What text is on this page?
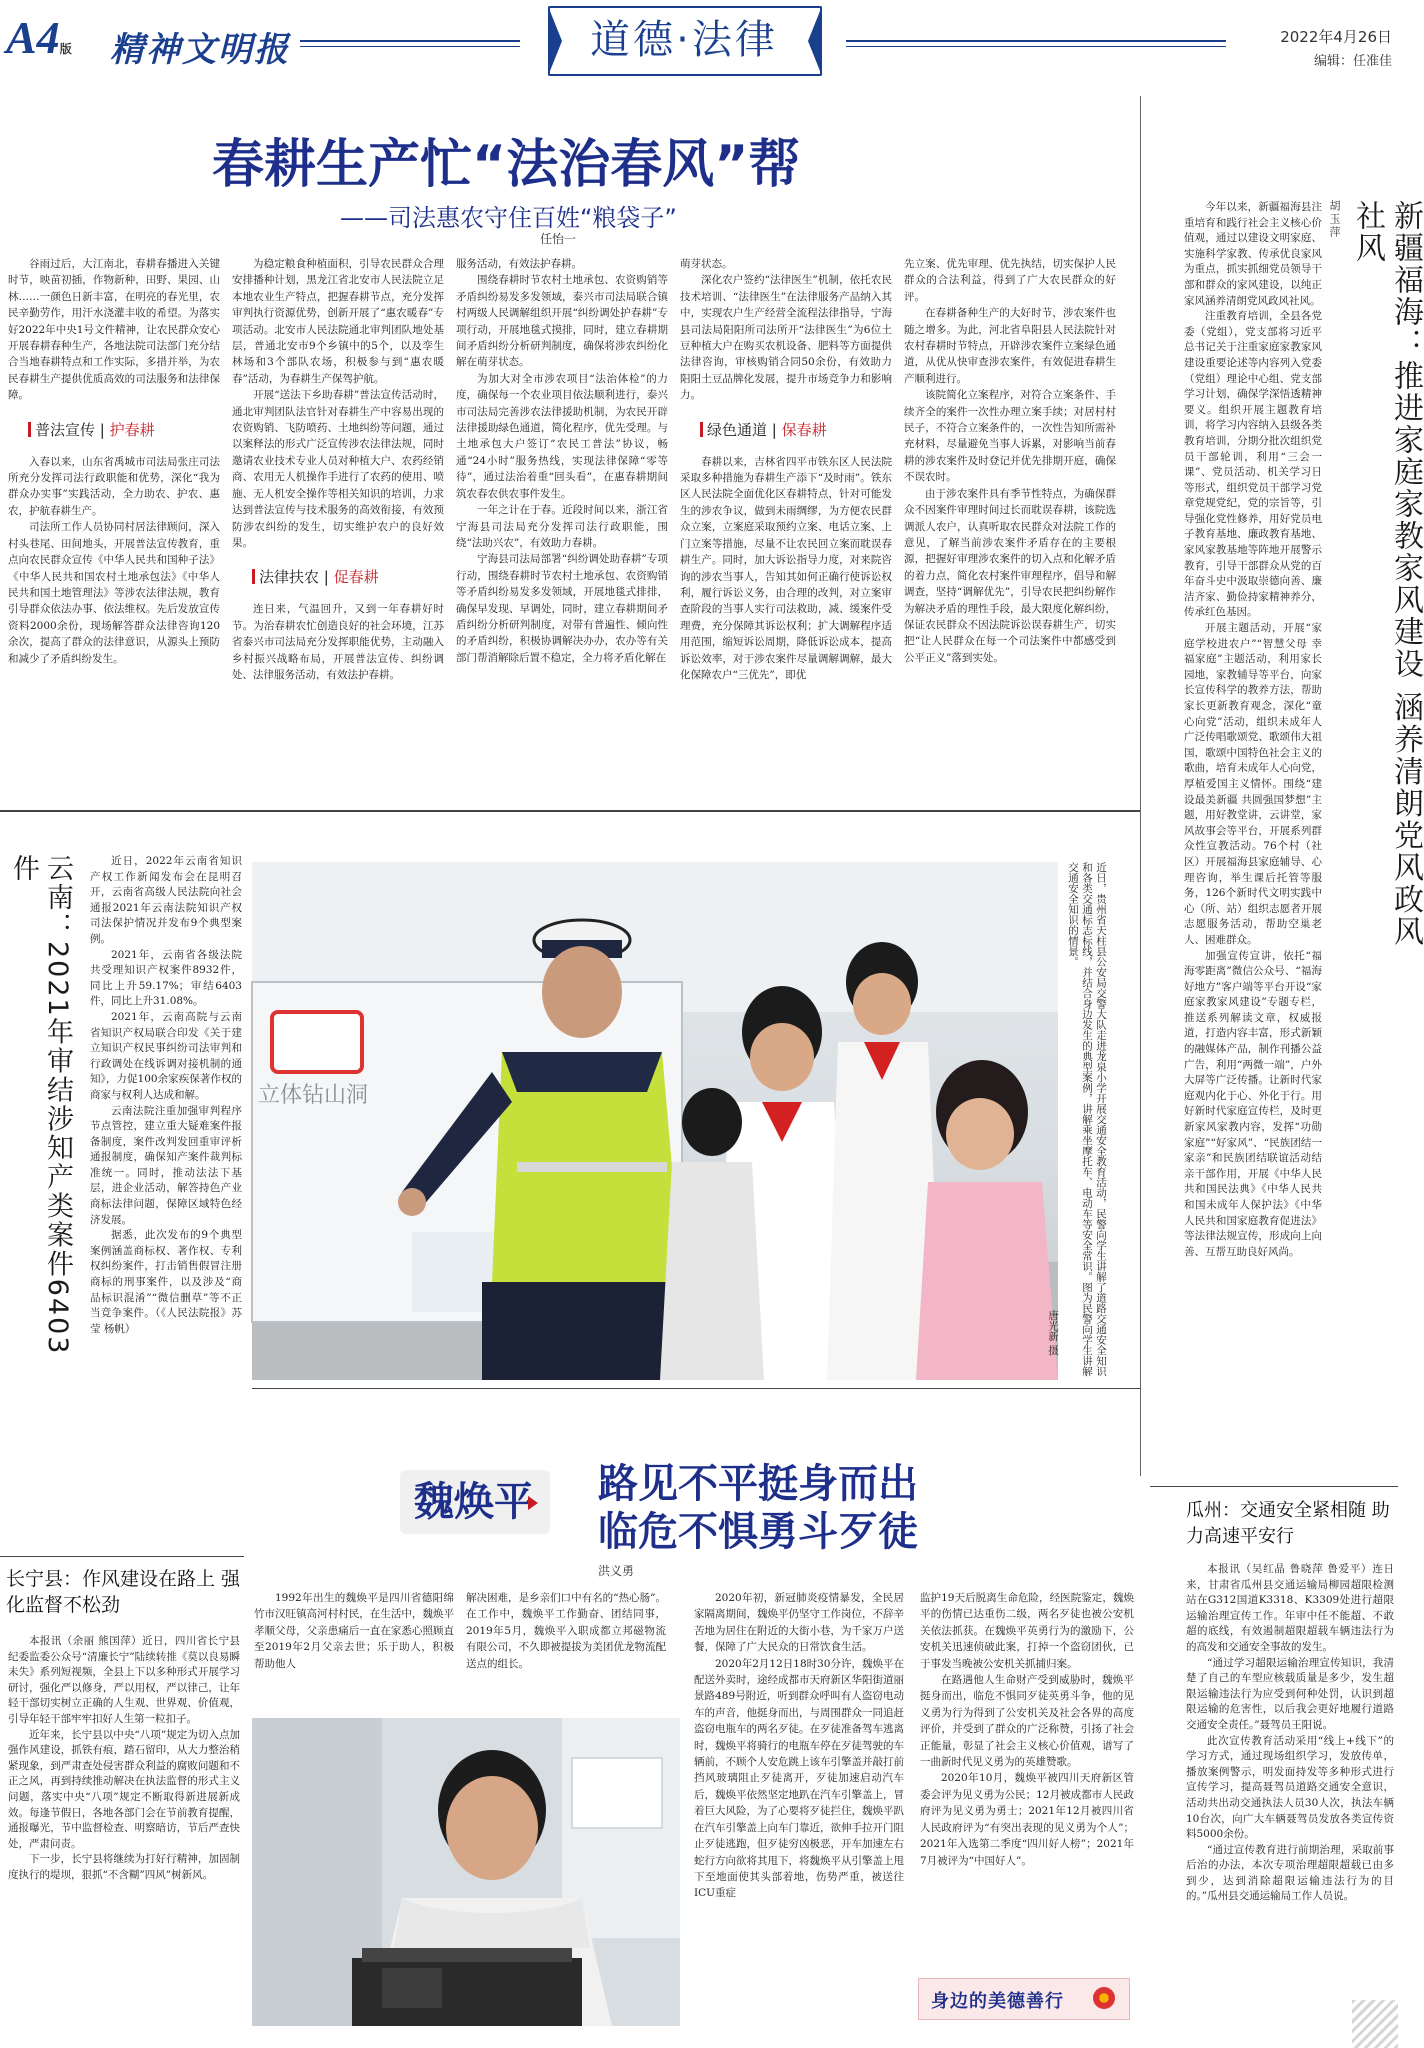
A4版 精神文明报	道德·法律	2022年4月26日
编辑：任准佳
春耕生产忙“法治春风”帮
——司法惠农守住百姓“粮袋子”
任怡一

谷雨过后，大江南北，春耕春播进入关键时节，映苗初插，作物新种，田野、果园、山林……一颜色日新丰富，在明亮的春光里，农民辛勤劳作，用汗水浇灌丰收的希望。为落实好2022年中央1号文件精神，让农民群众安心开展春耕春种生产，各地法院司法部门充分结合当地春耕特点和工作实际，多措并举，为农民春耕生产提供优质高效的司法服务和法律保障。

普法宣传 | 护春耕

入春以来，山东省禹城市司法局张庄司法所充分发挥司法行政职能和优势，深化“我为群众办实事”实践活动，全力助农、护农、惠农，护航春耕生产。

司法所工作人员协同村居法律顾问，深入村头巷尾、田间地头，开展普法宣传教育，重点向农民群众宣传《中华人民共和国种子法》《中华人民共和国农村土地承包法》《中华人民共和国土地管理法》等涉农法律法规，教育引导群众依法办事、依法维权。先后发放宣传资料2000余份，现场解答群众法律咨询120余次，提高了群众的法律意识，从源头上预防和减少了矛盾纠纷发生。

为稳定粮食种植面积，引导农民群众合理安排播种计划，黑龙江省北安市人民法院立足本地农业生产特点，把握春耕节点，充分发挥审判执行资源优势，创新开展了“惠农暖春”专项活动。北安市人民法院通北审判团队地处基层，普通北安市9个乡镇中的5个，以及孪生林场和3个部队农场，积极参与到“惠农暖春”活动，为春耕生产保驾护航。

开展“送法下乡助春耕”普法宣传活动时，通北审判团队法官针对春耕生产中容易出现的农资购销、飞防喷药、土地纠纷等问题，通过以案释法的形式广泛宣传涉农法律法规，同时邀请农业技术专业人员对种植大户、农药经销商、农用无人机操作手进行了农药的使用、喷施、无人机安全操作等相关知识的培训，力求达到普法宣传与技术服务的高效衔接，有效预防涉农纠纷的发生，切实维护农户的良好效果。

法律扶农 | 促春耕

连日来，气温回升，又到一年春耕好时节。为治春耕农忙创造良好的社会环境，江苏省泰兴市司法局充分发挥职能优势，主动融入乡村振兴战略布局，开展普法宣传、纠纷调处、法律服务活动，有效法护春耕。

服务活动，有效法护春耕。

围绕春耕时节农村土地承包、农资购销等矛盾纠纷易发多发领域，泰兴市司法局联合镇村两级人民调解组织开展“纠纷调处护春耕”专项行动，开展地毯式摸排，同时，建立春耕期间矛盾纠纷分析研判制度，确保将涉农纠纷化解在萌芽状态。

为加大对全市涉农项目“法治体检”的力度，确保每一个农业项目依法顺利进行，泰兴市司法局完善涉农法律援助机制，为农民开辟法律援助绿色通道，简化程序，优先受理。与土地承包大户签订“农民工普法”协议，畅通“24小时”服务热线，实现法律保障“零等待”，通过法治着重“回头看”，在惠春耕期间筑农春农供农事件发生。

一年之计在于春。近段时间以来，浙江省宁海县司法局充分发挥司法行政职能，围绕“法助兴农”，有效助力春耕。

宁海县司法局部署“纠纷调处助春耕”专项行动，围绕春耕时节农村土地承包、农资购销等矛盾纠纷易发多发领域，开展地毯式排排，确保早发现、早调处，同时，建立春耕期间矛盾纠纷分析研判制度，对带有普遍性、倾向性的矛盾纠纷，积极协调解决办办，农办等有关部门帮消解除后置不稳定，全力将矛盾化解在

萌芽状态。

深化农户签约“法律医生”机制，依托农民技术培训、“法律医生”在法律服务产品纳入其中，实现农户生产经营全流程法律指导，宁海县司法局阳阳所司法所开“法律医生”为6位土豆种植大户在购买农机设备、肥料等方面提供法律咨询，审核购销合同50余份，有效助力阳阳土豆品牌化发展，提升市场竞争力和影响力。

绿色通道 | 保春耕

春耕以来，吉林省四平市铁东区人民法院采取多种措施为春耕生产添下“及时雨”。铁东区人民法院全面优化区春耕特点，针对可能发生的涉农争议，做到未雨绸缪，为方便农民群众立案，立案庭采取预约立案、电话立案、上门立案等措施，尽量不让农民回立案而耽误春耕生产。同时，加大诉讼指导力度，对来院咨询的涉农当事人，告知其如何正确行使诉讼权利，履行诉讼义务，由合理的改判，对立案审查阶段的当事人实行司法救助，减、缓案件受理费，充分保障其诉讼权利；扩大调解程序适用范围，缩短诉讼周期，降低诉讼成本，提高诉讼效率，对于涉农案件尽量调解调解，最大化保障农户“三优先”，即优

先立案、优先审理、优先执结，切实保护人民群众的合法利益，得到了广大农民群众的好评。

在春耕备种生产的大好时节，涉农案件也随之增多。为此，河北省阜阳县人民法院针对农村春耕时节特点，开辟涉农案件立案绿色通道，从优从快审查涉农案件，有效促进春耕生产顺利进行。

该院简化立案程序，对符合立案条件、手续齐全的案件一次性办理立案手续；对居村村民子，不符合立案条件的，一次性告知所需补充材料，尽量避免当事人诉累，对影响当前春耕的涉农案件及时登记并优先排期开庭，确保不误农时。

由于涉农案件具有季节性特点，为确保群众不因案件审理时间过长而耽误春耕，该院选调派人农户，认真听取农民群众对法院工作的意见，了解当前涉农案件矛盾存在的主要根源，把握好审理涉农案件的切入点和化解矛盾的着力点，简化农村案件审理程序，倡导和解调查，坚持“调解优先”，引导农民把纠纷解作为解决矛盾的理性手段，最大限度化解纠纷，保证农民群众不因法院诉讼误春耕生产，切实把“让人民群众在每一个司法案件中都感受到公平正义”落到实处。	新疆福海：推进家庭家教家风建设 涵养清朗党风政风社风
胡玉萍

今年以来，新疆福海县注重培育和践行社会主义核心价值观，通过以建设文明家庭、实施科学家教、传承优良家风为重点，抓实抓细党员领导干部和群众的家风建设，以纯正家风涵养清朗党风政风社风。

注重教育培训，全县各党委（党组），党支部将习近平总书记关于注重家庭家教家风建设重要论述等内容列入党委（党组）理论中心组、党支部学习计划，确保学深悟透精神要义。组织开展主题教育培训，将学习内容纳入县级各类教育培训，分期分批次组织党员干部轮训，利用“三会一课”、党员活动、机关学习日等形式，组织党员干部学习党章党规党纪，党的宗旨等，引导强化党性修养，用好党员电子教育基地、廉政教育基地、家风家教基地等阵地开展警示教育，引导干部群众从党的百年奋斗史中汲取崇德向善、廉洁齐家、勤俭持家精神养分，传承红色基因。

开展主题活动，开展“家庭学校进农户”“智慧父母 幸福家庭”主题活动，利用家长园地，家教辅导等平台，向家长宣传科学的教养方法，帮助家长更新教育观念，深化“童心向党”活动，组织未成年人广泛传唱歌颂党、歌颂伟大祖国，歌颂中国特色社会主义的歌曲，培育未成年人心向党，厚植爱国主义情怀。围绕“建设最美新疆 共圆强国梦想”主题，用好教堂讲，云讲堂，家风故事会等平台，开展系列群众性宣教活动。76个村（社区）开展福海县家庭辅导、心理咨询，举生课后托管等服务，126个新时代文明实践中心（所、站）组织志愿者开展志愿服务活动，帮助空巢老人、困难群众。

加强宣传宣讲，依托“福海零距离”微信公众号、“福海好地方”客户端等平台开设“家庭家教家风建设”专题专栏，推送系列解读文章，权威报道，打造内容丰富，形式新颖的融媒体产品，制作刊播公益广告，利用“两微一端”，户外大屏等广泛传播。让新时代家庭观内化于心、外化于行。用好新时代家庭宣传栏，及时更新家风家教内容，发挥“功勋家庭”“好家风”、“民族团结一家亲”和民族团结联谊活动结亲干部作用，开展《中华人民共和国民法典》《中华人民共和国未成年人保护法》《中华人民共和国家庭教育促进法》等法律法规宣传，形成向上向善、互帮互助良好风尚。

云南：2021年审结涉知产类案件6403件	近日，2022年云南省知识产权工作新闻发布会在昆明召开，云南省高级人民法院向社会通报2021年云南法院知识产权司法保护情况并发布9个典型案例。

2021年，云南省各级法院共受理知识产权案件8932件，同比上升59.17%；审结6403件，同比上升31.08%。

2021年，云南高院与云南省知识产权局联合印发《关于建立知识产权民事纠纷司法审判和行政调处在线诉调对接机制的通知》，力促100余家疾保著作权的商家与权利人达成和解。

云南法院注重加强审判程序节点管控，建立重大疑难案件报备制度，案件改判发回重审评析通报制度，确保知产案件裁判标准统一。同时，推动法法下基层，进企业活动，解答持色产业商标法律问题，保障区域特色经济发展。

据悉，此次发布的9个典型案例涵盖商标权、著作权、专利权纠纷案件，打击销售假冒注册商标的刑事案件，以及涉及“商品标识混淆”“微信删草”等不正当竞争案件。（《人民法院报》苏莹 杨帆）

立体钻山洞	近日，贵州省天柱县公安局交警大队走进龙泉小学开展交通安全教育活动，民警向学生讲解了道路交通安全知识和各类交通标志标线，并结合身边发生的典型案例，讲解乘坐摩托车、电动车等安全常识。图为民警向学生讲解交通安全知识的情景。
唐光新 摄
魏焕平 路见不平挺身而出
临危不惧勇斗歹徒
洪义勇

1992年出生的魏焕平是四川省德阳绵竹市汉旺镇高河村村民，在生活中，魏焕平孝顺父母，父亲患痛后一直在家悉心照顾直至2019年2月父亲去世；乐于助人，积极帮助他人

解决困难，是乡亲们口中有名的“热心肠”。在工作中，魏焕平工作勤奋、团结同事，2019年5月，魏焕平入职成都立邦磁物流有限公司，不久即被提拔为美团优龙物流配送点的组长。

2020年初，新冠肺炎疫情暴发，全民居家隔离期间，魏焕平仍坚守工作岗位，不辞辛苦地为居住在附近的大街小巷，为千家万户送餐，保障了广大民众的日常饮食生活。

2020年2月12日18时30分许，魏焕平在配送外卖时，途经成都市天府新区华阳街道丽景路489号附近，听到群众呼叫有人盗窃电动车的声音，他挺身而出，与周围群众一同追赶盗窃电瓶车的两名歹徒。在歹徒准备驾车逃离时，魏焕平将骑行的电瓶车停在歹徒驾驶的车辆前，不顾个人安危跳上该车引擎盖并敲打前挡风玻璃阻止歹徒离开，歹徒加速启动汽车后，魏焕平依然坚定地趴在汽车引擎盖上，冒着巨大风险，为了心要将歹徒拦住，魏焕平趴在汽车引擎盖上向车门靠近，欲伸手拉开门阻止歹徒逃跑，但歹徒穷凶极恶，开车加速左右蛇行方向欲将其甩下，将魏焕平从引擎盖上甩下至地面使其头部着地，伤势严重，被送往ICU重症

监护19天后脱离生命危险，经医院鉴定，魏焕平的伤情已达重伤二级，两名歹徒也被公安机关依法抓获。在魏焕平英勇行为的激励下，公安机关迅速侦破此案，打掉一个盗窃团伙，已于事发当晚被公安机关抓捕归案。

在路遇他人生命财产受到威胁时，魏焕平挺身而出，临危不惧同歹徒英勇斗争，他的见义勇为行为得到了公安机关及社会各界的高度评价，并受到了群众的广泛称赞，引扬了社会正能量，彰显了社会主义核心价值观，谱写了一曲新时代见义勇为的英雄赞歌。

2020年10月，魏焕平被四川天府新区管委会评为见义勇为公民；12月被成都市人民政府评为见义勇为勇士；2021年12月被四川省人民政府评为“有突出表现的见义勇为个人”；2021年入选第二季度“四川好人榜”；2021年7月被评为“中国好人”。

身边的美德善行
长宁县：作风建设在路上 强化监督不松劲

本报讯（余丽 熊国萍）近日，四川省长宁县纪委监委公众号“清廉长宁”陆续转推《莫以良易瞬未失》系列短视频，全县上下以多种形式开展学习研讨，强化严以修身，严以用权，严以律己，让年轻干部切实树立正确的人生观、世界观、价值观，引导年轻干部牢牢扣好人生第一粒扣子。

近年来，长宁县以中央“八项”规定为切入点加强作风建设，抓铁有痕，踏石留印，从大力整治稍紧现象，到严肃查处侵害群众利益的腐败问题和不正之风，再到持续推动解决在执法监督的形式主义问题，落实中央“八项”规定不断取得新进展新成效。每逢节假日，各地各部门会在节前教育提醒，通报曝光，节中监督检查、明察暗访，节后严查快处，严肃问责。

下一步，长宁县将继续为打好行精神，加固制度执行的堤坝，狠抓“不含糊”四风”树新风。

瓜州：交通安全紧相随 助力高速平安行

本报讯（吴红晶 鲁晓萍 鲁爱平）连日来，甘肃省瓜州县交通运输局柳园超限检测站在G312国道K3318、K3309处进行超限运输治理宣传工作。年审中任不能超、不敢超的底线，有效遏制超限超载车辆违法行为的高发和交通安全事故的发生。

“通过学习超限运输治理宣传知识，我清楚了自己的车型应核载质量是多少，发生超限运输违法行为应受到何种处罚，认识到超限运输的危害性，以后我会更好地履行道路交通安全责任。”聂驾员王阳说。

此次宣传教育活动采用“线上+线下”的学习方式，通过现场组织学习，发放传单，播放案例警示，明发面持发等多种形式进行宣传学习，提高聂驾员道路交通安全意识，活动共出动交通执法人员30人次，执法车辆10台次，向广大车辆聂驾员发放各类宣传资料5000余份。

“通过宣传教育进行前期治理，采取前事后治的办法，本次专项治理超限超载已由多到少，达到消除超限运输违法行为的目的。”瓜州县交通运输局工作人员说。
